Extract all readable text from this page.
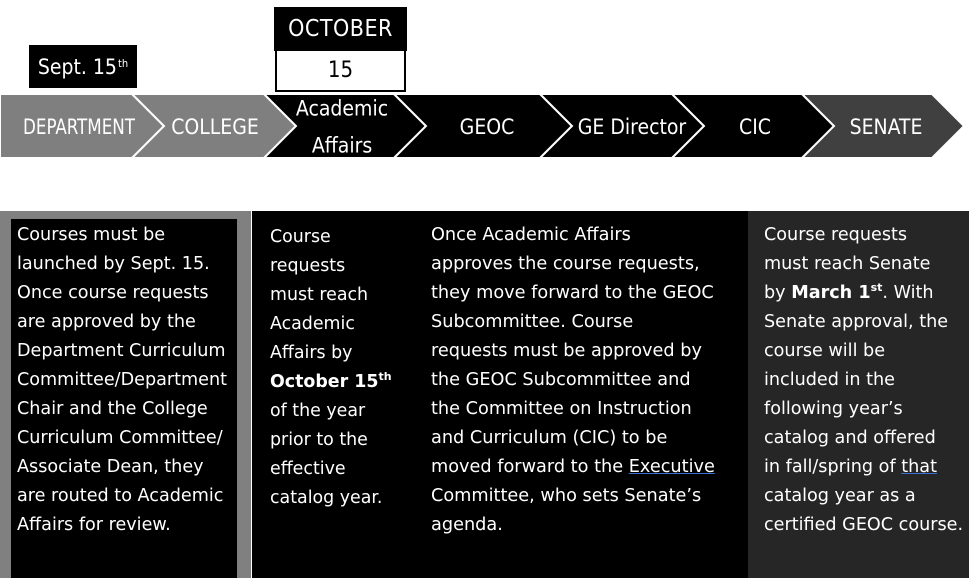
Sept. 15th
OCTOBER
15
DEPARTMENT COLLEGE
Academic
Affairs
GEOC	GE Director	CIC	SENATE
Courses must be
launched by Sept. 15.
Once course requests
are approved by the
Department Curriculum
Committee/Department
Chair and the College
Curriculum Committee/
Associate Dean, they
are routed to Academic
Affairs for review.
Course
requests
must reach
Academic
Affairs by
October 15th
of the year
prior to the
effective
catalog year.
Once Academic Affairs
approves the course requests,
they move forward to the GEOC
Subcommittee. Course
requests must be approved by
the GEOC Subcommittee and
the Committee on Instruction
and Curriculum (CIC) to be
moved forward to the Executive
Committee, who sets Senate’s
agenda.
Course requests
must reach Senate
by March 1st. With
Senate approval, the
course will be
included in the
following year’s
catalog and offered
in fall/spring of that
catalog year as a
certified GEOC course.
